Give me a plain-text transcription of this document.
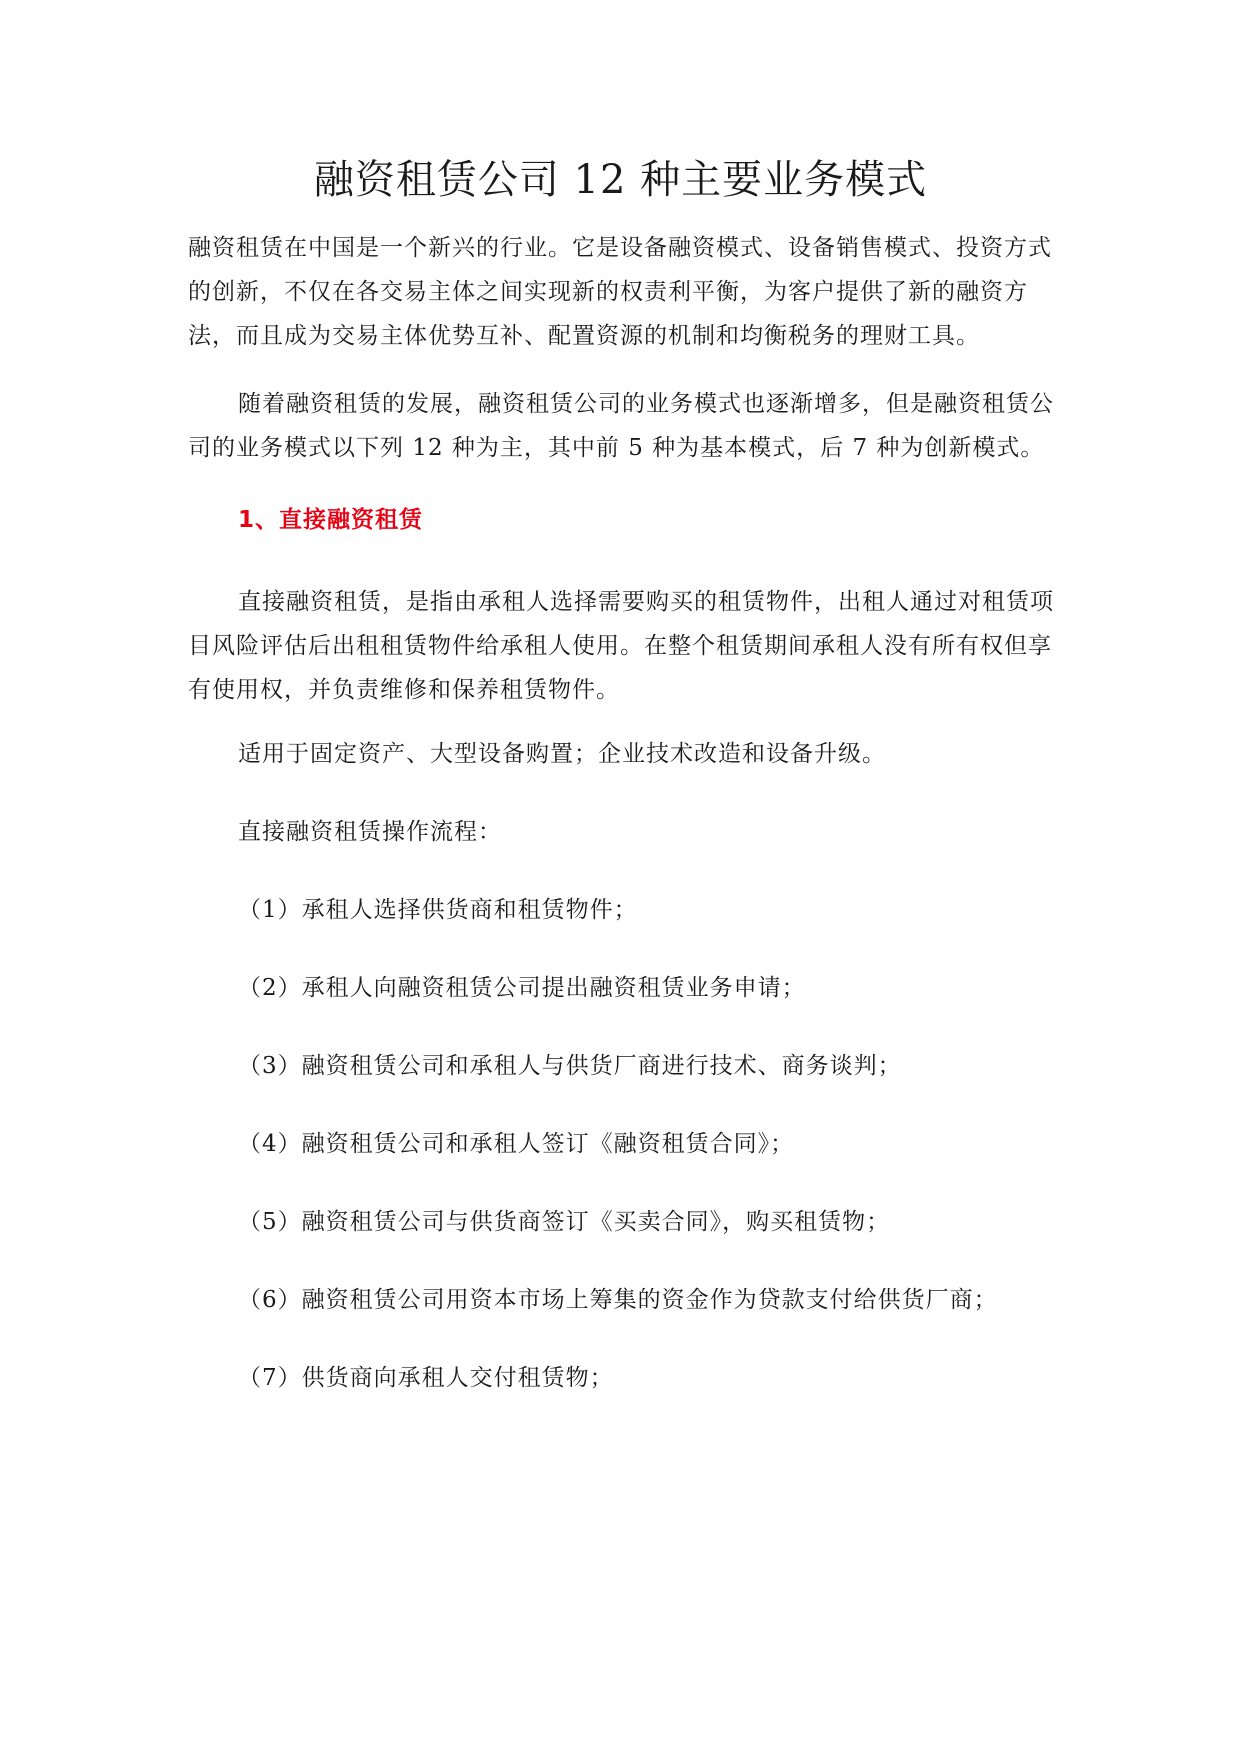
融资租赁公司 12 种主要业务模式

融资租赁在中国是一个新兴的行业。它是设备融资模式、设备销售模式、投资方式的创新，不仅在各交易主体之间实现新的权责利平衡，为客户提供了新的融资方法，而且成为交易主体优势互补、配置资源的机制和均衡税务的理财工具。

随着融资租赁的发展，融资租赁公司的业务模式也逐渐增多，但是融资租赁公司的业务模式以下列 12 种为主，其中前 5 种为基本模式，后 7 种为创新模式。

1、直接融资租赁

直接融资租赁，是指由承租人选择需要购买的租赁物件，出租人通过对租赁项目风险评估后出租租赁物件给承租人使用。在整个租赁期间承租人没有所有权但享有使用权，并负责维修和保养租赁物件。

适用于固定资产、大型设备购置；企业技术改造和设备升级。

直接融资租赁操作流程：

（1）承租人选择供货商和租赁物件；

（2）承租人向融资租赁公司提出融资租赁业务申请；

（3）融资租赁公司和承租人与供货厂商进行技术、商务谈判；

（4）融资租赁公司和承租人签订《融资租赁合同》；

（5）融资租赁公司与供货商签订《买卖合同》，购买租赁物；

（6）融资租赁公司用资本市场上筹集的资金作为贷款支付给供货厂商；

（7）供货商向承租人交付租赁物；
